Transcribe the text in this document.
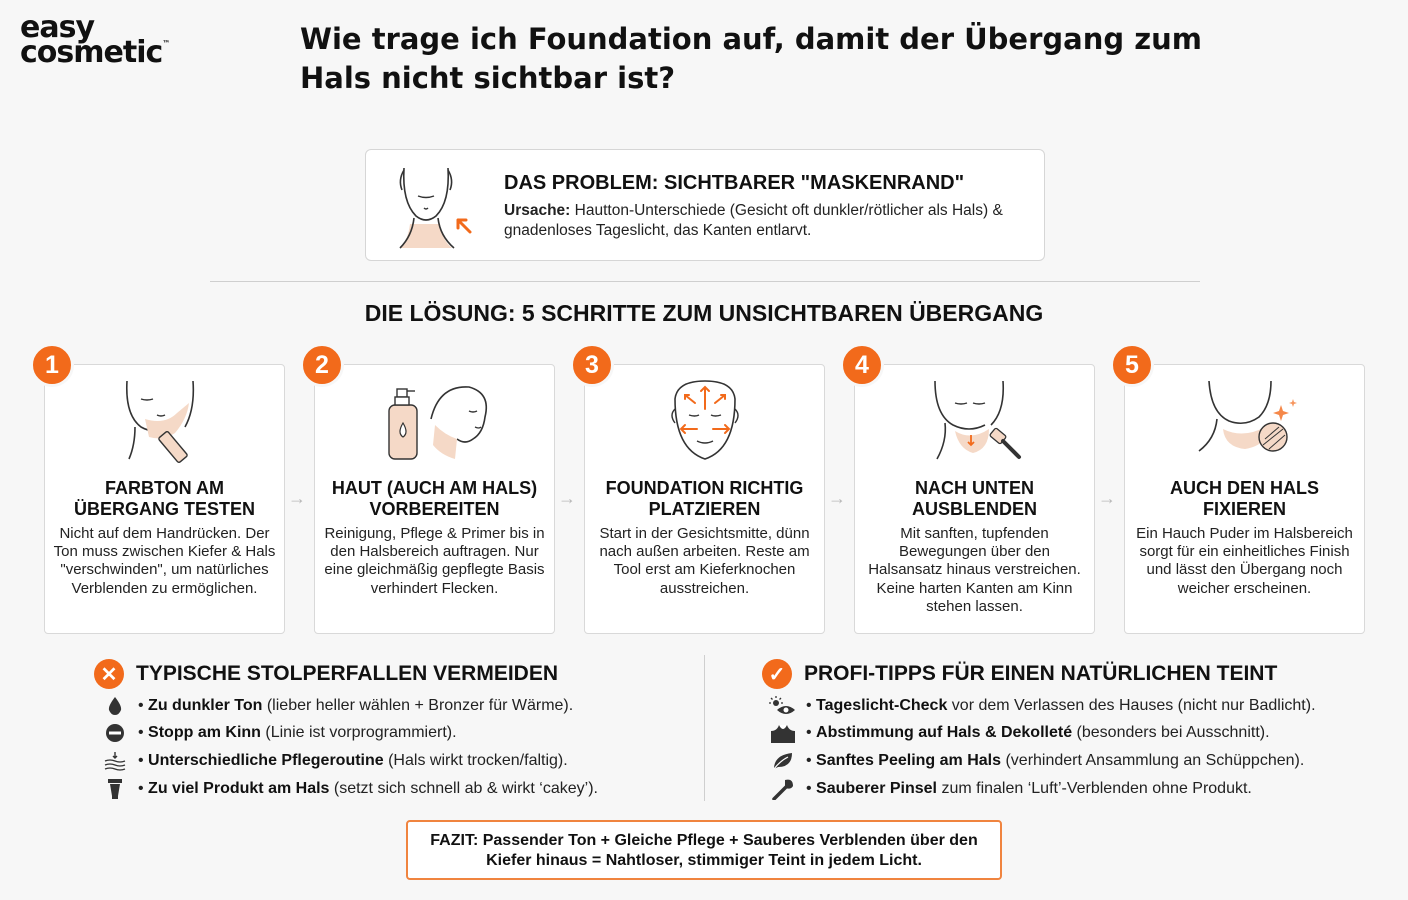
easy
cosmetic™	Wie trage ich Foundation auf, damit der Übergang zum Hals nicht sichtbar ist?
DAS PROBLEM: SICHTBARER "MASKENRAND"
Ursache: Hautton-Unterschiede (Gesicht oft dunkler/rötlicher als Hals) & gnadenloses Tageslicht, das Kanten entlarvt.
DIE LÖSUNG: 5 SCHRITTE ZUM UNSICHTBAREN ÜBERGANG
FARBTON AM ÜBERGANG TESTEN
Nicht auf dem Handrücken. Der Ton muss zwischen Kiefer & Hals "verschwinden", um natürliches Verblenden zu ermöglichen.
1
→	HAUT (AUCH AM HALS) VORBEREITEN
Reinigung, Pflege & Primer bis in den Halsbereich auftragen. Nur eine gleichmäßig gepflegte Basis verhindert Flecken.
2
→	FOUNDATION RICHTIG PLATZIEREN
Start in der Gesichtsmitte, dünn nach außen arbeiten. Reste am Tool erst am Kieferknochen ausstreichen.
3
→	NACH UNTEN AUSBLENDEN
Mit sanften, tupfenden Bewegungen über den Halsansatz hinaus verstreichen. Keine harten Kanten am Kinn stehen lassen.
4
→	AUCH DEN HALS FIXIEREN
Ein Hauch Puder im Halsbereich sorgt für ein einheitliches Finish und lässt den Übergang noch weicher erscheinen.
5
✕ TYPISCHE STOLPERFALLEN VERMEIDEN
• Zu dunkler Ton (lieber heller wählen + Bronzer für Wärme).
• Stopp am Kinn (Linie ist vorprogrammiert).
• Unterschiedliche Pflegeroutine (Hals wirkt trocken/faltig).
• Zu viel Produkt am Hals (setzt sich schnell ab & wirkt ‘cakey’).
✓ PROFI-TIPPS FÜR EINEN NATÜRLICHEN TEINT
• Tageslicht-Check vor dem Verlassen des Hauses (nicht nur Badlicht).
• Abstimmung auf Hals & Dekolleté (besonders bei Ausschnitt).
• Sanftes Peeling am Hals (verhindert Ansammlung an Schüppchen).
• Sauberer Pinsel zum finalen ‘Luft’-Verblenden ohne Produkt.
FAZIT: Passender Ton + Gleiche Pflege + Sauberes Verblenden über den
Kiefer hinaus = Nahtloser, stimmiger Teint in jedem Licht.
